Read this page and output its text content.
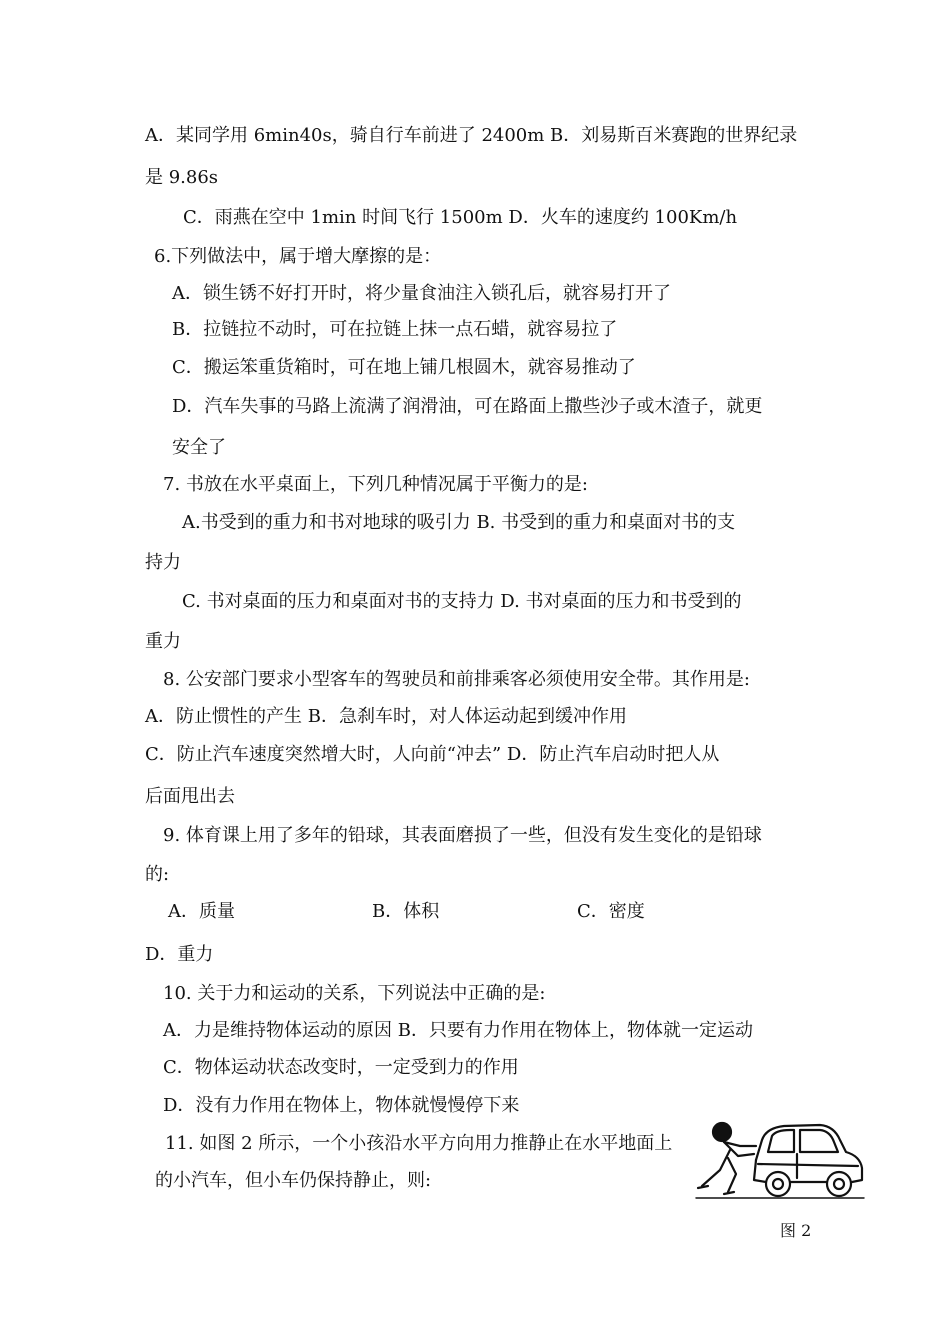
A．某同学用 6min40s，骑自行车前进了 2400m B．刘易斯百米赛跑的世界纪录
是 9.86s
C．雨燕在空中 1min 时间飞行 1500m D．火车的速度约 100Km/h
6.下列做法中，属于增大摩擦的是：
A．锁生锈不好打开时，将少量食油注入锁孔后，就容易打开了
B．拉链拉不动时，可在拉链上抹一点石蜡，就容易拉了
C．搬运笨重货箱时，可在地上铺几根圆木，就容易推动了
D．汽车失事的马路上流满了润滑油，可在路面上撒些沙子或木渣子，就更
安全了
7. 书放在水平桌面上，下列几种情况属于平衡力的是:
A.书受到的重力和书对地球的吸引力 B. 书受到的重力和桌面对书的支
持力
C. 书对桌面的压力和桌面对书的支持力 D. 书对桌面的压力和书受到的
重力
8. 公安部门要求小型客车的驾驶员和前排乘客必须使用安全带。其作用是:
A．防止惯性的产生 B．急刹车时，对人体运动起到缓冲作用
C．防止汽车速度突然增大时，人向前“冲去” D．防止汽车启动时把人从
后面甩出去
9. 体育课上用了多年的铅球，其表面磨损了一些，但没有发生变化的是铅球
的:
A．质量	B．体积	C．密度
D．重力
10. 关于力和运动的关系，下列说法中正确的是:
A．力是维持物体运动的原因 B．只要有力作用在物体上，物体就一定运动
C．物体运动状态改变时，一定受到力的作用
D．没有力作用在物体上，物体就慢慢停下来
11. 如图 2 所示，一个小孩沿水平方向用力推静止在水平地面上
的小汽车，但小车仍保持静止，则:
图 2
